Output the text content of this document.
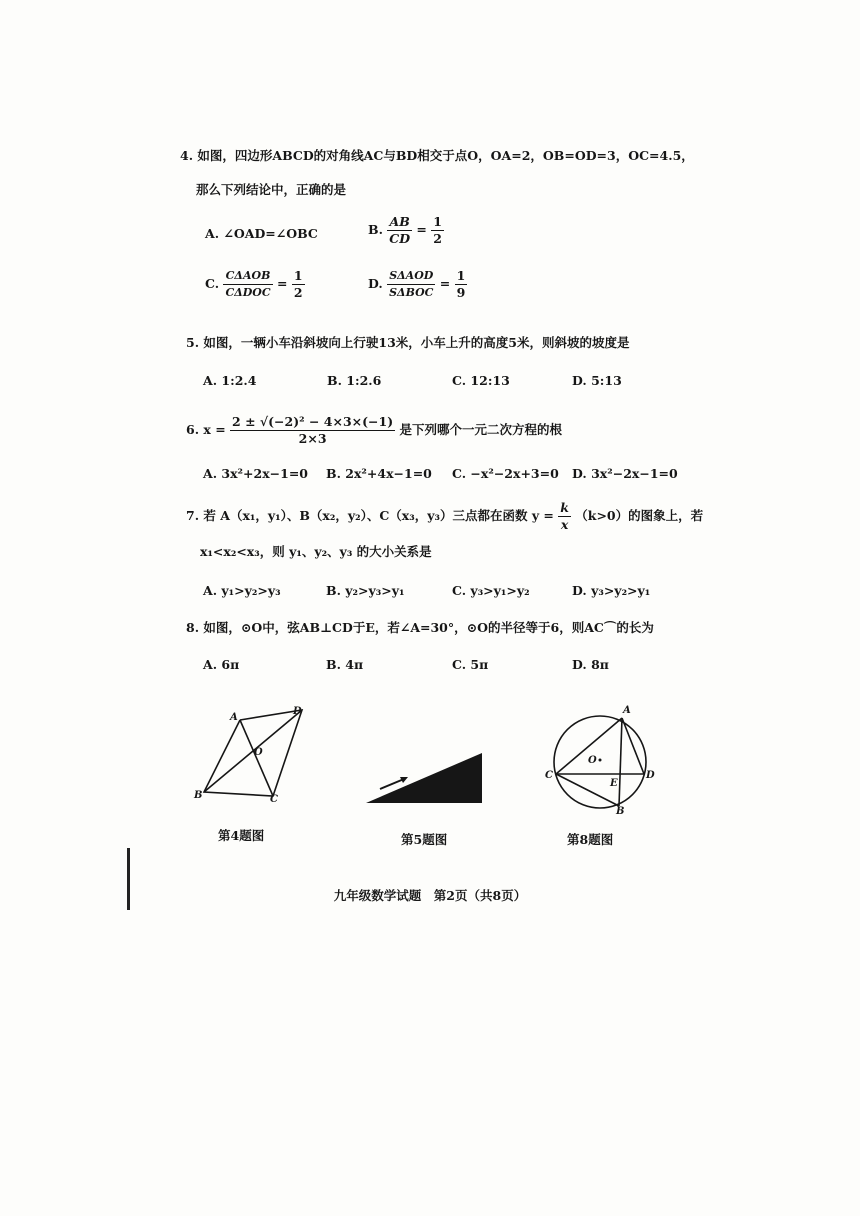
4. 如图，四边形ABCD的对角线AC与BD相交于点O，OA=2，OB=OD=3，OC=4.5，
那么下列结论中，正确的是
A. ∠OAD=∠OBC	B. $\frac{AB}{CD} = \frac{1}{2}$
C. $\frac{\text{CΔAOB}}{\text{CΔDOC}} = \frac{1}{2}$	D. $\frac{\text{SΔAOD}}{\text{SΔBOC}} = \frac{1}{9}$
5. 如图，一辆小车沿斜坡向上行驶13米，小车上升的高度5米，则斜坡的坡度是
A. 1:2.4	B. 1:2.6	C. 12:13	D. 5:13
6. $x = \frac{\text{2 ± √(−2)² − 4×3×(−1)}}{2\times 3}$ 是下列哪个一元二次方程的根
A. 3x²+2x−1=0 B. 2x²+4x−1=0 C. −x²−2x+3=0 D. 3x²−2x−1=0
7. 若 A（x₁，y₁）、B（x₂，y₂）、C（x₃，y₃）三点都在函数 $y = \frac{k}{x} (k>0)$的图象上，若
x₁<x₂<x₃，则 y₁、y₂、y₃ 的大小关系是
A. y₁>y₂>y₃	B. y₂>y₃>y₁	C. y₃>y₁>y₂	D. y₃>y₂>y₁
8. 如图，⊙O中，弦AB⊥CD于E，若∠A=30°，⊙O的半径等于6，则AC⌒的长为
A. 6π	B. 4π	C. 5π	D. 8π
A
B	C
D
O
第4题图	第5题图
A
B
C	D
E
O
第8题图
九年级数学试题　第2页（共8页）
